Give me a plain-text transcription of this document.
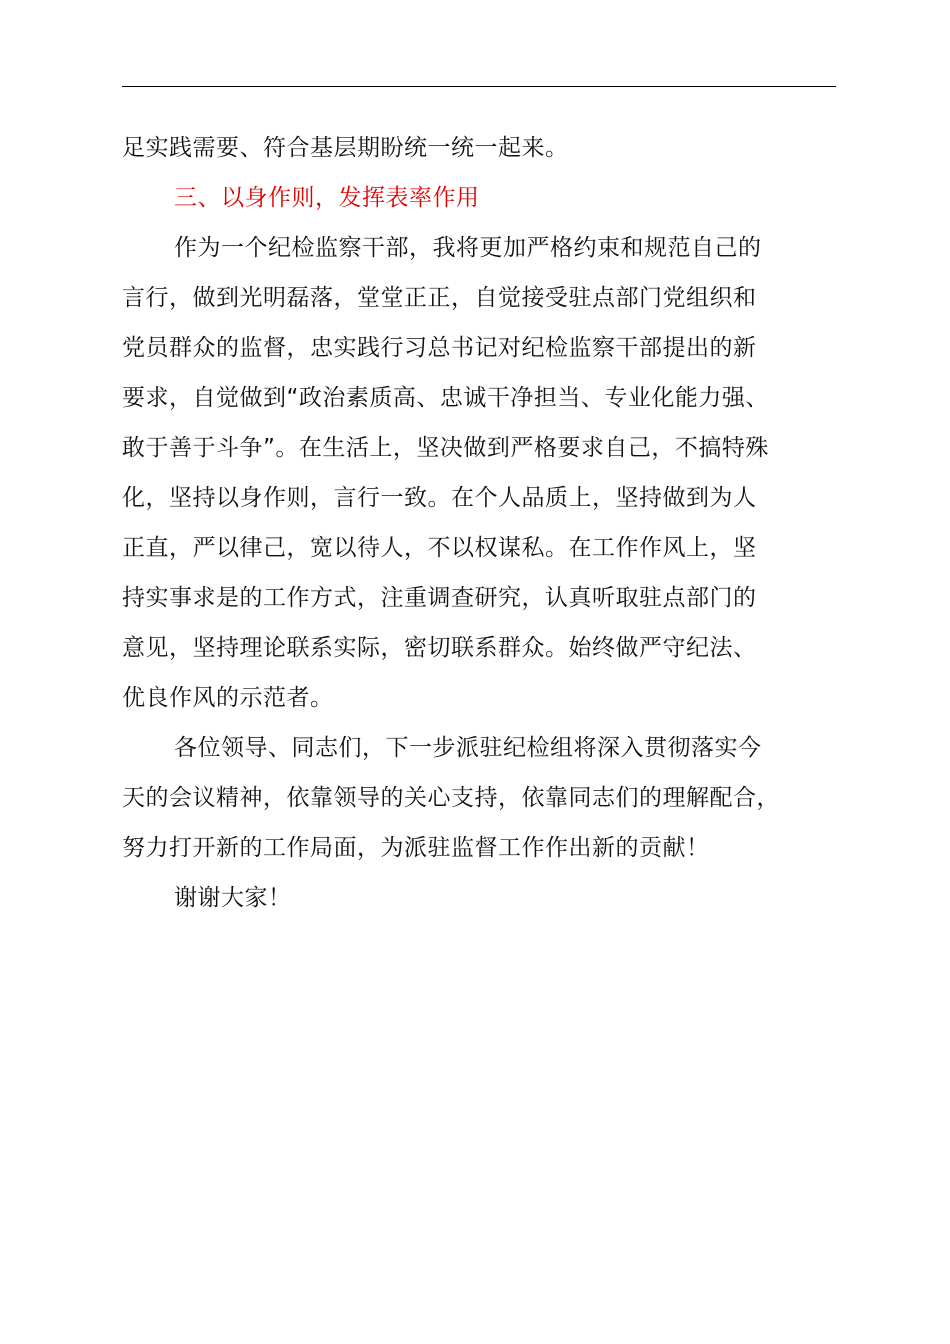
足实践需要、符合基层期盼统一统一起来。
三、以身作则，发挥表率作用
作为一个纪检监察干部，我将更加严格约束和规范自己的
言行，做到光明磊落，堂堂正正，自觉接受驻点部门党组织和
党员群众的监督，忠实践行习总书记对纪检监察干部提出的新
要求，自觉做到“政治素质高、忠诚干净担当、专业化能力强、
敢于善于斗争”。在生活上，坚决做到严格要求自己，不搞特殊
化，坚持以身作则，言行一致。在个人品质上，坚持做到为人
正直，严以律己，宽以待人，不以权谋私。在工作作风上，坚
持实事求是的工作方式，注重调查研究，认真听取驻点部门的
意见，坚持理论联系实际，密切联系群众。始终做严守纪法、
优良作风的示范者。
各位领导、同志们，下一步派驻纪检组将深入贯彻落实今
天的会议精神，依靠领导的关心支持，依靠同志们的理解配合，
努力打开新的工作局面，为派驻监督工作作出新的贡献！
谢谢大家！
